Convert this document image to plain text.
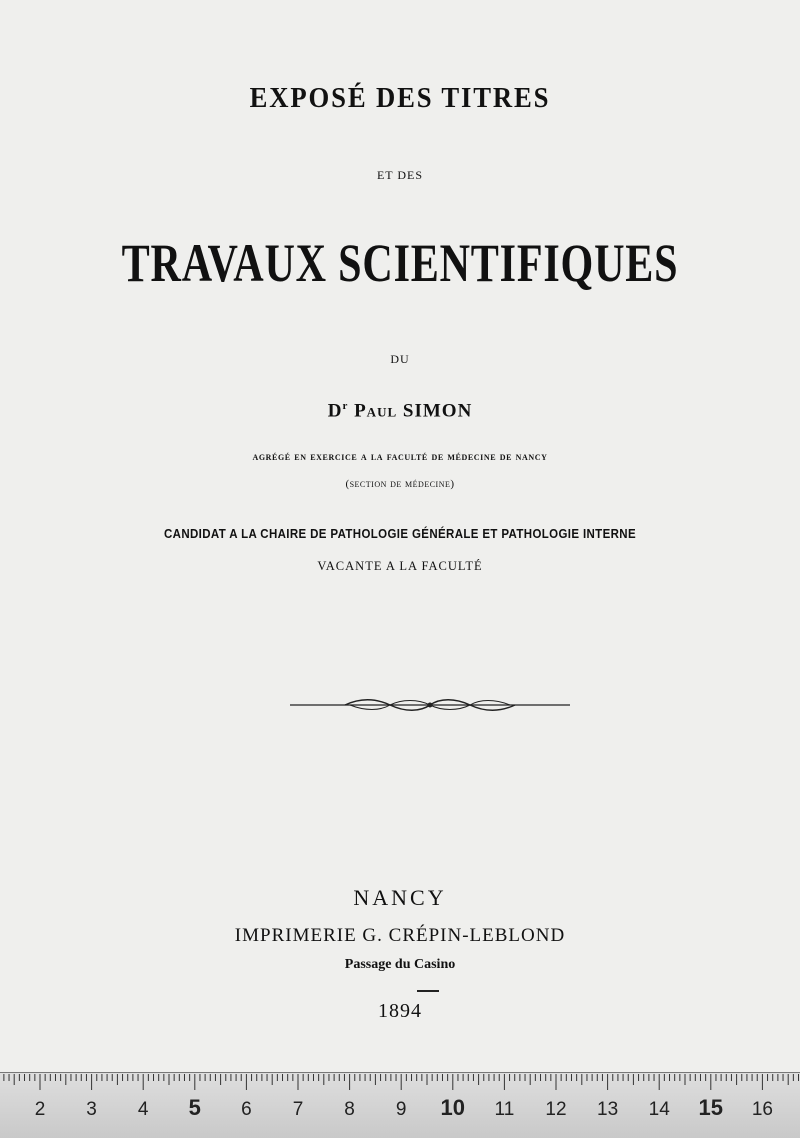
EXPOSÉ DES TITRES
ET DES
TRAVAUX SCIENTIFIQUES
DU
$D^r$ Paul SIMON
agrégé en exercice a la faculté de médecine de nancy
(section de médecine)
CANDIDAT A LA CHAIRE DE PATHOLOGIE GÉNÉRALE ET PATHOLOGIE INTERNE
VACANTE A LA FACULTÉ
NANCY
IMPRIMERIE G. CRÉPIN-LEBLOND
Passage du Casino
1894
2 3 4 5 6 7 8 9 10 11 12 13 14 15 16
